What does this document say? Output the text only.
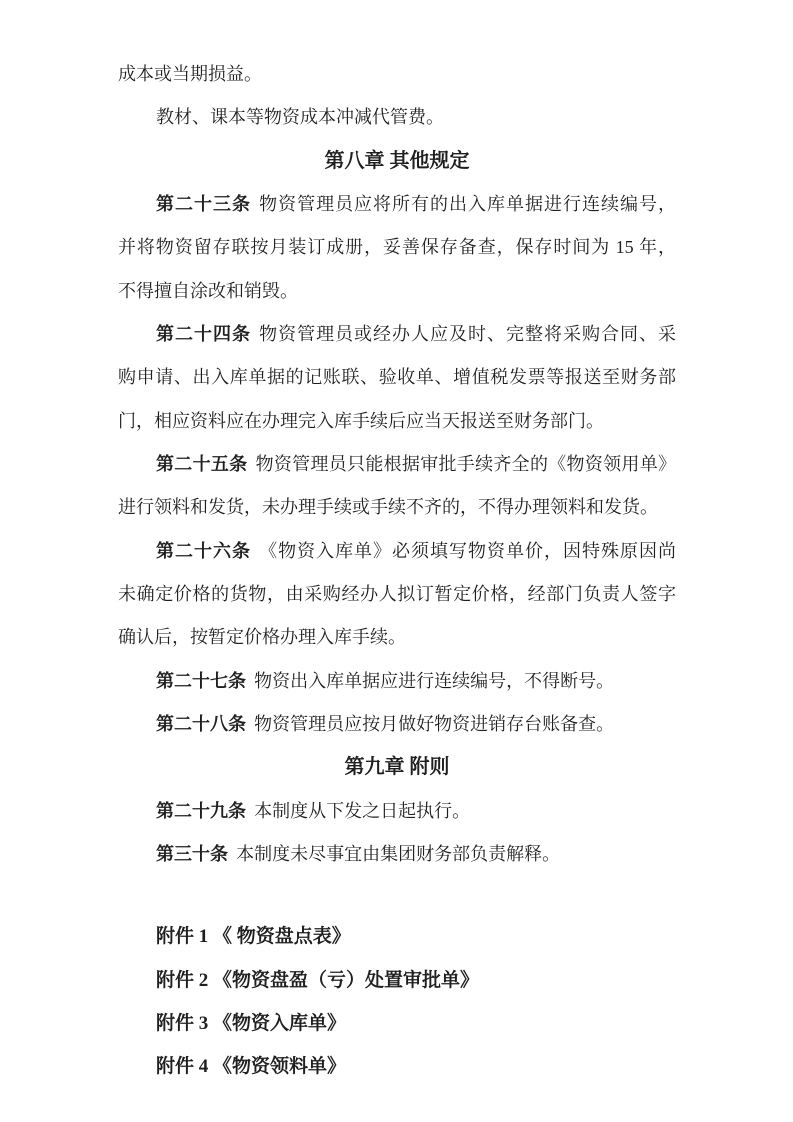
成本或当期损益。
教材、课本等物资成本冲减代管费。
第八章 其他规定
第二十三条 物资管理员应将所有的出入库单据进行连续编号，
并将物资留存联按月装订成册，妥善保存备查，保存时间为 15 年，
不得擅自涂改和销毁。
第二十四条 物资管理员或经办人应及时、完整将采购合同、采
购申请、出入库单据的记账联、验收单、增值税发票等报送至财务部
门，相应资料应在办理完入库手续后应当天报送至财务部门。
第二十五条 物资管理员只能根据审批手续齐全的《物资领用单》
进行领料和发货，未办理手续或手续不齐的，不得办理领料和发货。
第二十六条 《物资入库单》必须填写物资单价，因特殊原因尚
未确定价格的货物，由采购经办人拟订暂定价格，经部门负责人签字
确认后，按暂定价格办理入库手续。
第二十七条 物资出入库单据应进行连续编号，不得断号。
第二十八条 物资管理员应按月做好物资进销存台账备查。
第九章 附则
第二十九条 本制度从下发之日起执行。
第三十条 本制度未尽事宜由集团财务部负责解释。
附件 1 《 物资盘点表》
附件 2 《物资盘盈（亏）处置审批单》
附件 3 《物资入库单》
附件 4 《物资领料单》
